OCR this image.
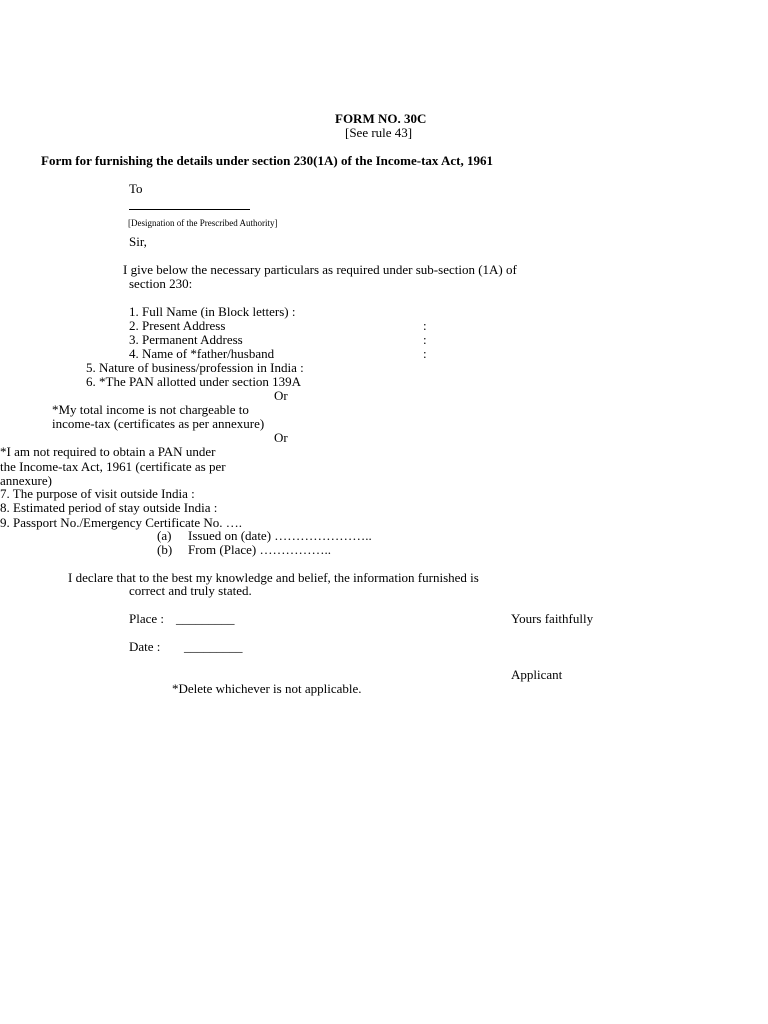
FORM NO. 30C
[See rule 43]
Form for furnishing the details under section 230(1A) of the Income-tax Act, 1961
To
[Designation of the Prescribed Authority]
Sir,
I give below the necessary particulars as required under sub-section (1A) of
section 230:
1. Full Name (in Block letters) :
2. Present Address	:
3. Permanent Address	:
4. Name of *father/husband	:
5. Nature of business/profession in India :
6. *The PAN allotted under section 139A
Or
*My total income is not chargeable to
income-tax (certificates as per annexure)
Or
*I am not required to obtain a PAN under
the Income-tax Act, 1961 (certificate as per
annexure)
7. The purpose of visit outside India :
8. Estimated period of stay outside India :
9. Passport No./Emergency Certificate No. ….
(a) Issued on (date) …………………..
(b) From (Place) ……………..
I declare that to the best my knowledge and belief, the information furnished is
correct and truly stated.
Place : _________	Yours faithfully
Date : _________
Applicant
*Delete whichever is not applicable.
